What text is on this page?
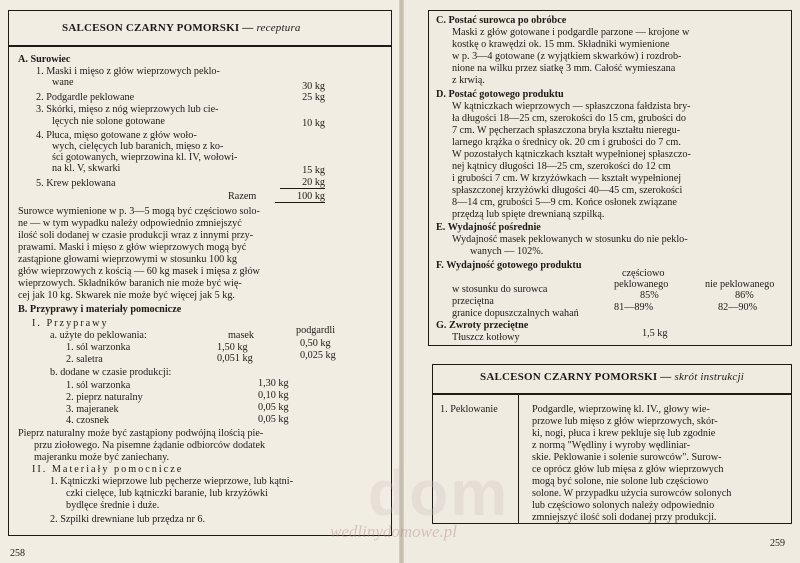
SALCESON CZARNY POMORSKI — receptura
A. Surowiec
1. Maski i mięso z głów wieprzowych peklo-
wane	30 kg
2. Podgardle peklowane	25 kg
3. Skórki, mięso z nóg wieprzowych lub cie-
lęcych nie solone gotowane	10 kg
4. Płuca, mięso gotowane z głów woło-
wych, cielęcych lub baranich, mięso z ko-
ści gotowanych, wieprzowina kl. IV, wołowi-
na kl. V, skwarki	15 kg
5. Krew peklowana	20 kg
Razem	100 kg
Surowce wymienione w p. 3—5 mogą być częściowo solo-
ne — w tym wypadku należy odpowiednio zmniejszyć
ilość soli dodanej w czasie produkcji wraz z innymi przy-
prawami. Maski i mięso z głów wieprzowych mogą być
zastąpione głowami wieprzowymi w stosunku 100 kg
głów wieprzowych z kością — 60 kg masek i mięsa z głów
wieprzowych. Składników baranich nie może być wię-
cej jak 10 kg. Skwarek nie może być więcej jak 5 kg.
B. Przyprawy i materiały pomocnicze
I. Przyprawy
a. użyte do peklowania:	masek	podgardli
1. sól warzonka	1,50 kg	0,50 kg
2. saletra	0,051 kg	0,025 kg
b. dodane w czasie produkcji:
1. sól warzonka	1,30 kg
2. pieprz naturalny	0,10 kg
3. majeranek	0,05 kg
4. czosnek	0,05 kg
Pieprz naturalny może być zastąpiony podwójną ilością pie-
przu ziołowego. Na pisemne żądanie odbiorców dodatek
majeranku może być zaniechany.
II. Materiały pomocnicze
1. Kątniczki wieprzowe lub pęcherze wieprzowe, lub kątni-
czki cielęce, lub kątniczki baranie, lub krzyżówki
bydlęce średnie i duże.
2. Szpilki drewniane lub przędza nr 6.
258
C. Postać surowca po obróbce
Maski z głów gotowane i podgardle parzone — krojone w
kostkę o krawędzi ok. 15 mm. Składniki wymienione
w p. 3—4 gotowane (z wyjątkiem skwarków) i rozdrob-
nione na wilku przez siatkę 3 mm. Całość wymieszana
z krwią.
D. Postać gotowego produktu
W kątniczkach wieprzowych — spłaszczona fałdzista bry-
ła długości 18—25 cm, szerokości do 15 cm, grubości do
7 cm. W pęcherzach spłaszczona bryła kształtu nieregu-
larnego krążka o średnicy ok. 20 cm i grubości do 7 cm.
W pozostałych kątniczkach kształt wypełnionej spłaszczo-
nej kątnicy długości 18—25 cm, szerokości do 12 cm
i grubości 7 cm. W krzyżówkach — kształt wypełnionej
spłaszczonej krzyżówki długości 40—45 cm, szerokości
8—14 cm, grubości 5—9 cm. Końce osłonek związane
przędzą lub spięte drewnianą szpilką.
E. Wydajność pośrednie
Wydajność masek peklowanych w stosunku do nie peklo-
wanych — 102%.
F. Wydajność gotowego produktu
częściowo
peklowanego	nie peklowanego
w stosunku do surowca
przeciętna
85%	86%
granice dopuszczalnych wahań
81—89%	82—90%
G. Zwroty przeciętne
Tłuszcz kotłowy	1,5 kg
SALCESON CZARNY POMORSKI — skrót instrukcji
1. Peklowanie	Podgardle, wieprzowinę kl. IV., głowy wie-
przowe lub mięso z głów wieprzowych, skór-
ki, nogi, płuca i krew pekluje się lub zgodnie
z normą "Wędliny i wyroby wędliniar-
skie. Peklowanie i solenie surowców". Surow-
ce oprócz głów lub mięsa z głów wieprzowych
mogą być solone, nie solone lub częściowo
solone. W przypadku użycia surowców solonych
lub częściowo solonych należy odpowiednio
zmniejszyć ilość soli dodanej przy produkcji.
259
dom
wedlinydomowe.pl
